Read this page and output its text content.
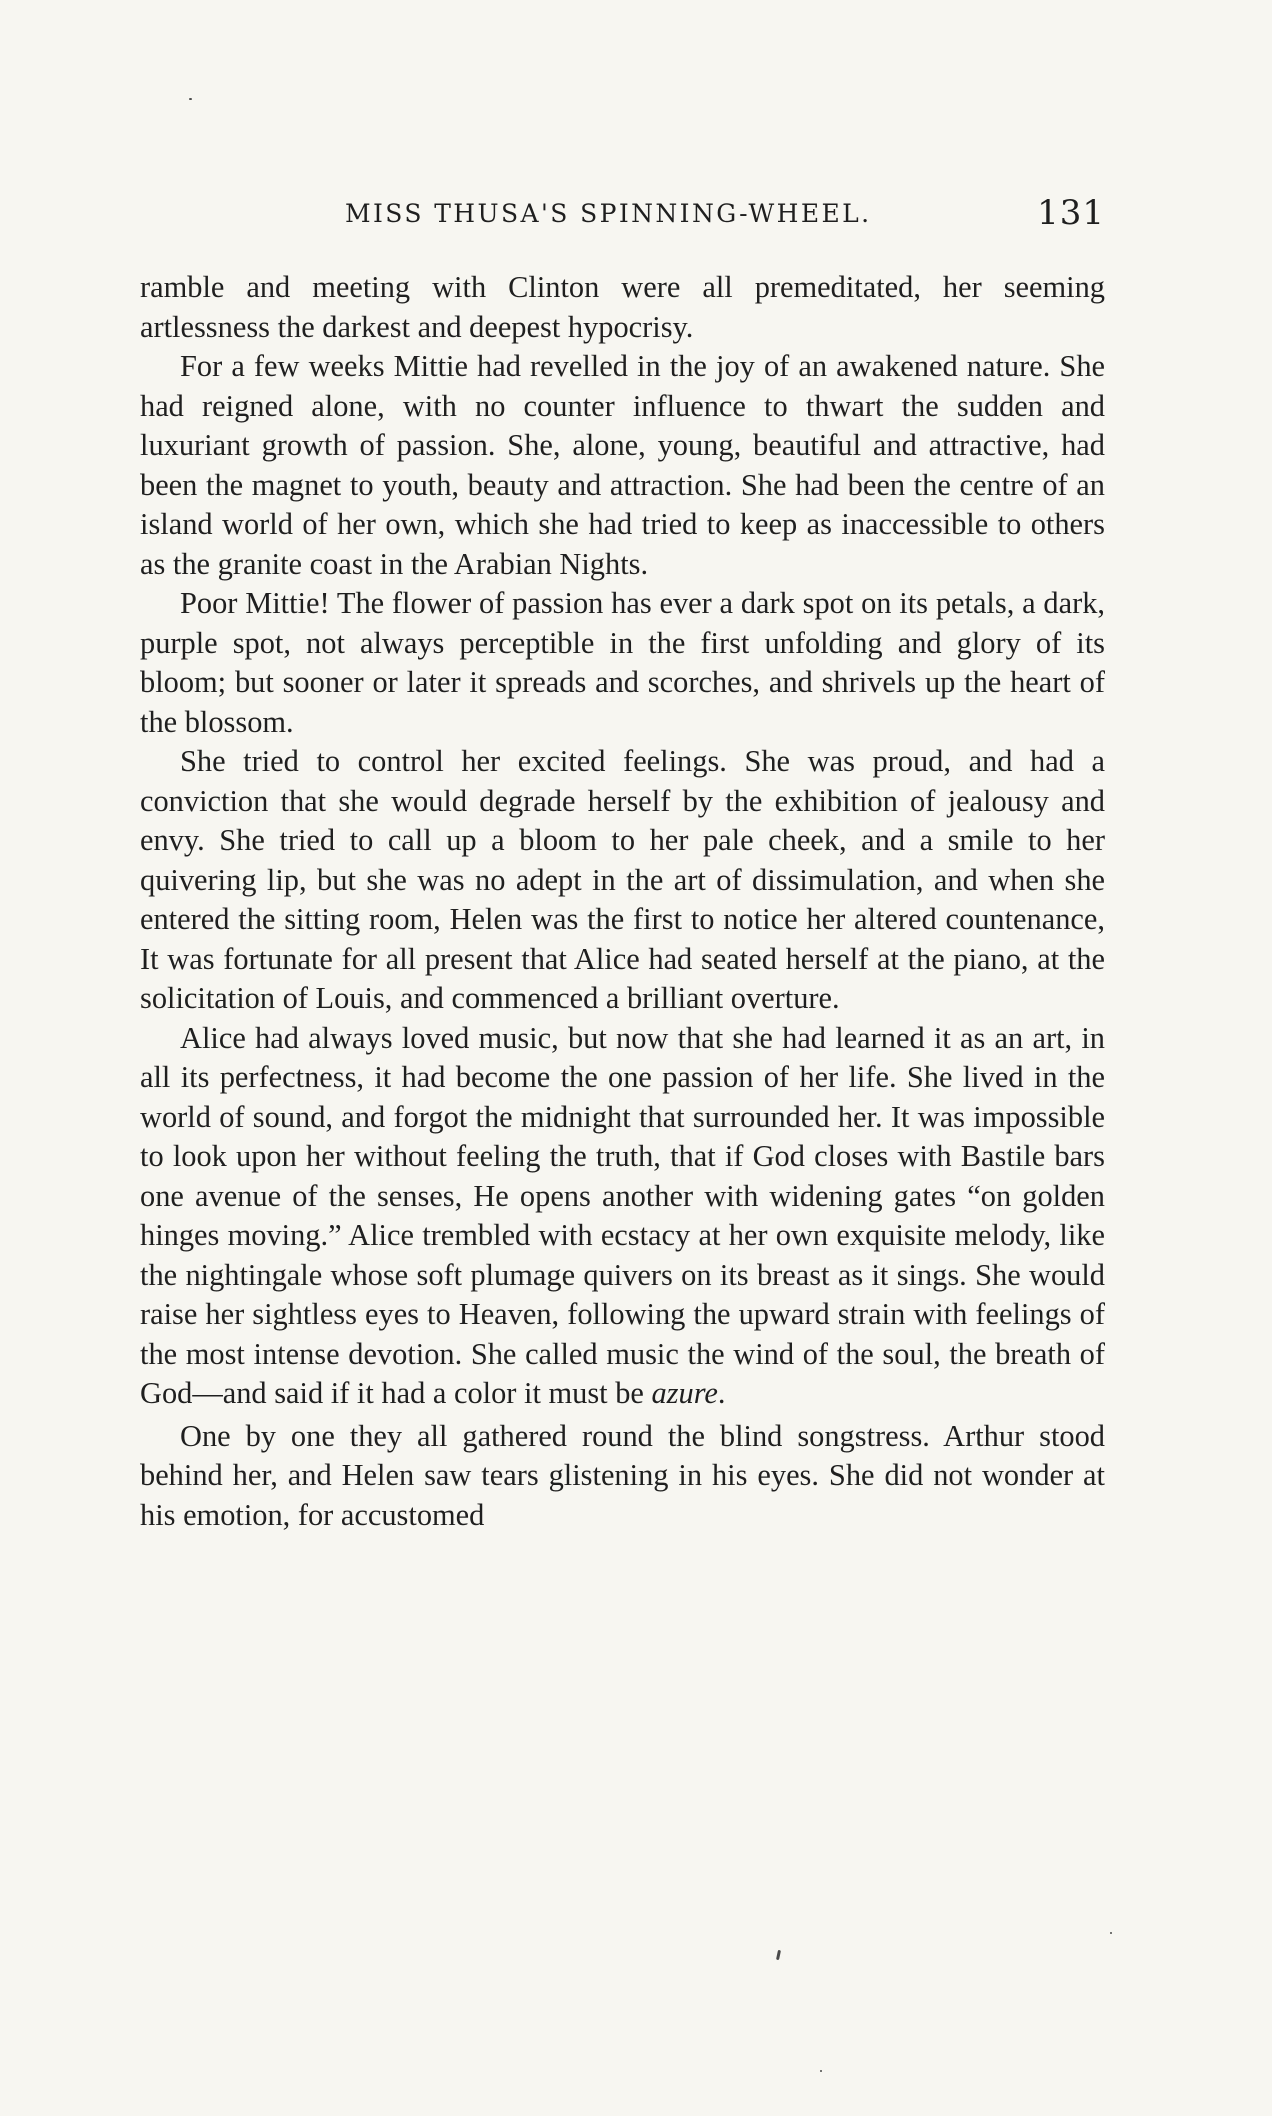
MISS THUSA'S SPINNING-WHEEL.	131

ramble and meeting with Clinton were all premeditated, her seeming artlessness the darkest and deepest hypocrisy.

For a few weeks Mittie had revelled in the joy of an awakened nature. She had reigned alone, with no counter influence to thwart the sudden and luxuriant growth of passion. She, alone, young, beautiful and attractive, had been the magnet to youth, beauty and attraction. She had been the centre of an island world of her own, which she had tried to keep as inaccessible to others as the granite coast in the Arabian Nights.

Poor Mittie! The flower of passion has ever a dark spot on its petals, a dark, purple spot, not always perceptible in the first unfolding and glory of its bloom; but sooner or later it spreads and scorches, and shrivels up the heart of the blossom.

She tried to control her excited feelings. She was proud, and had a conviction that she would degrade herself by the exhibition of jealousy and envy. She tried to call up a bloom to her pale cheek, and a smile to her quivering lip, but she was no adept in the art of dissimulation, and when she entered the sitting room, Helen was the first to notice her altered countenance, It was fortunate for all present that Alice had seated herself at the piano, at the solicitation of Louis, and commenced a brilliant overture.

Alice had always loved music, but now that she had learned it as an art, in all its perfectness, it had become the one passion of her life. She lived in the world of sound, and forgot the midnight that surrounded her. It was impossible to look upon her without feeling the truth, that if God closes with Bastile bars one avenue of the senses, He opens another with widening gates “on golden hinges moving.” Alice trembled with ecstacy at her own exquisite melody, like the nightingale whose soft plumage quivers on its breast as it sings. She would raise her sightless eyes to Heaven, following the upward strain with feelings of the most intense devotion. She called music the wind of the soul, the breath of God—and said if it had a color it must be azure.

One by one they all gathered round the blind songstress. Arthur stood behind her, and Helen saw tears glistening in his eyes. She did not wonder at his emotion, for accustomed
